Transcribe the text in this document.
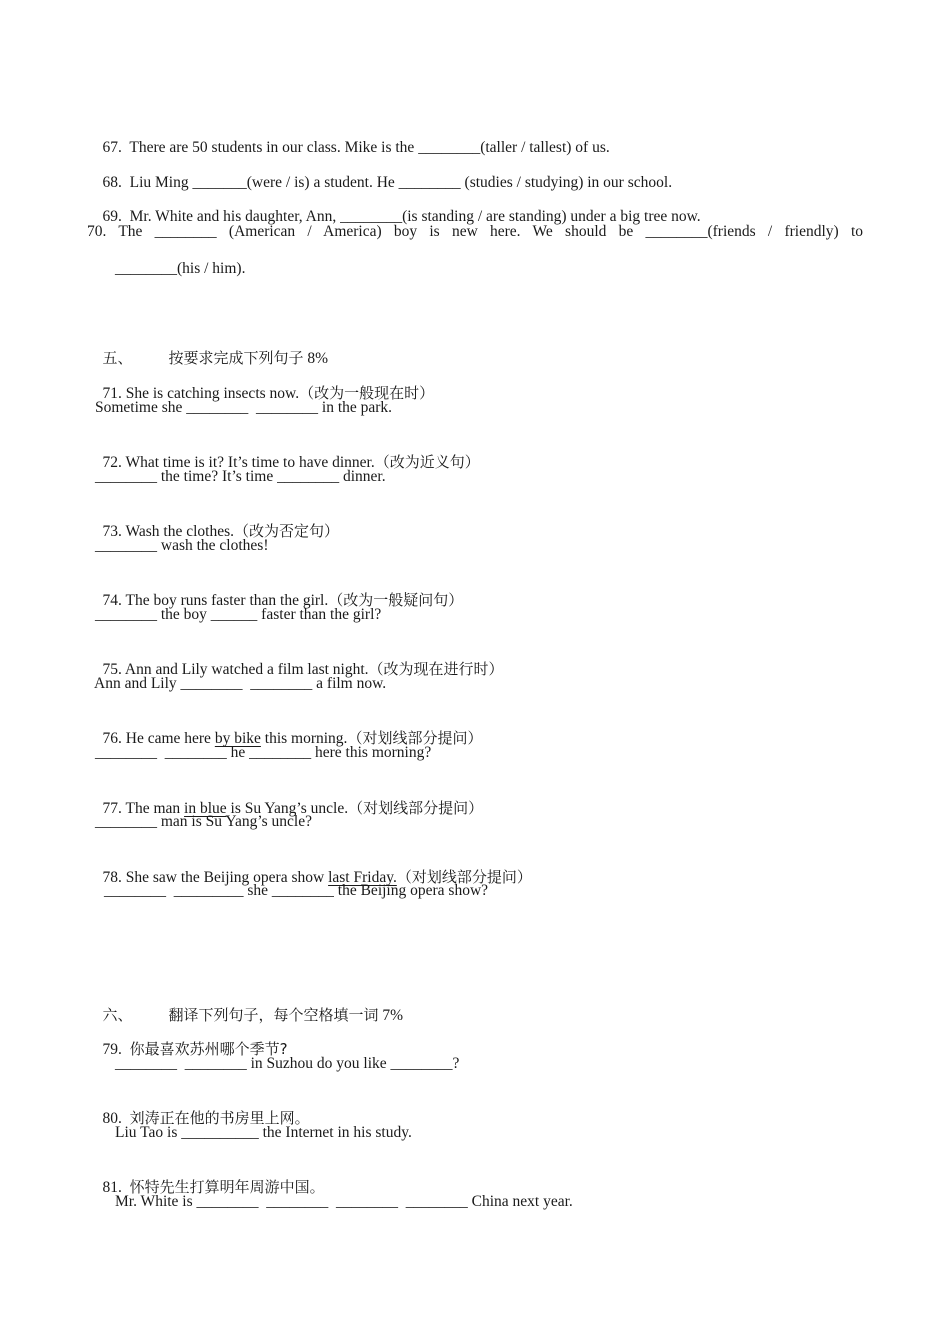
67. There are 50 students in our class. Mike is the ________(taller / tallest) of us.

68. Liu Ming _______(were / is) a student. He ________ (studies / studying) in our school.

69. Mr. White and his daughter, Ann, ________(is standing / are standing) under a big tree now.

70. The ________ (American / America) boy is new here. We should be ________(friends / friendly) to
________(his / him).

五、 按要求完成下列句子 8%

71. She is catching insects now.（改为一般现在时）

Sometime she ________  ________ in the park.

72. What time is it? It’s time to have dinner.（改为近义句）

________ the time? It’s time ________ dinner.

73. Wash the clothes.（改为否定句）

________ wash the clothes!

74. The boy runs faster than the girl.（改为一般疑问句）

________ the boy ______ faster than the girl?

75. Ann and Lily watched a film last night.（改为现在进行时）

Ann and Lily ________  ________ a film now.

76. He came here by bike this morning.（对划线部分提问）

________  ________ he ________ here this morning?

77. The man in blue is Su Yang’s uncle.（对划线部分提问）

________ man is Su Yang’s uncle?

78. She saw the Beijing opera show last Friday.（对划线部分提问）

________  _________ she ________ the Beijing opera show?

六、 翻译下列句子，每个空格填一词 7%

79. 你最喜欢苏州哪个季节?

________  ________ in Suzhou do you like ________?

80. 刘涛正在他的书房里上网。

Liu Tao is __________ the Internet in his study.

81. 怀特先生打算明年周游中国。

Mr. White is ________  ________  ________  ________ China next year.
